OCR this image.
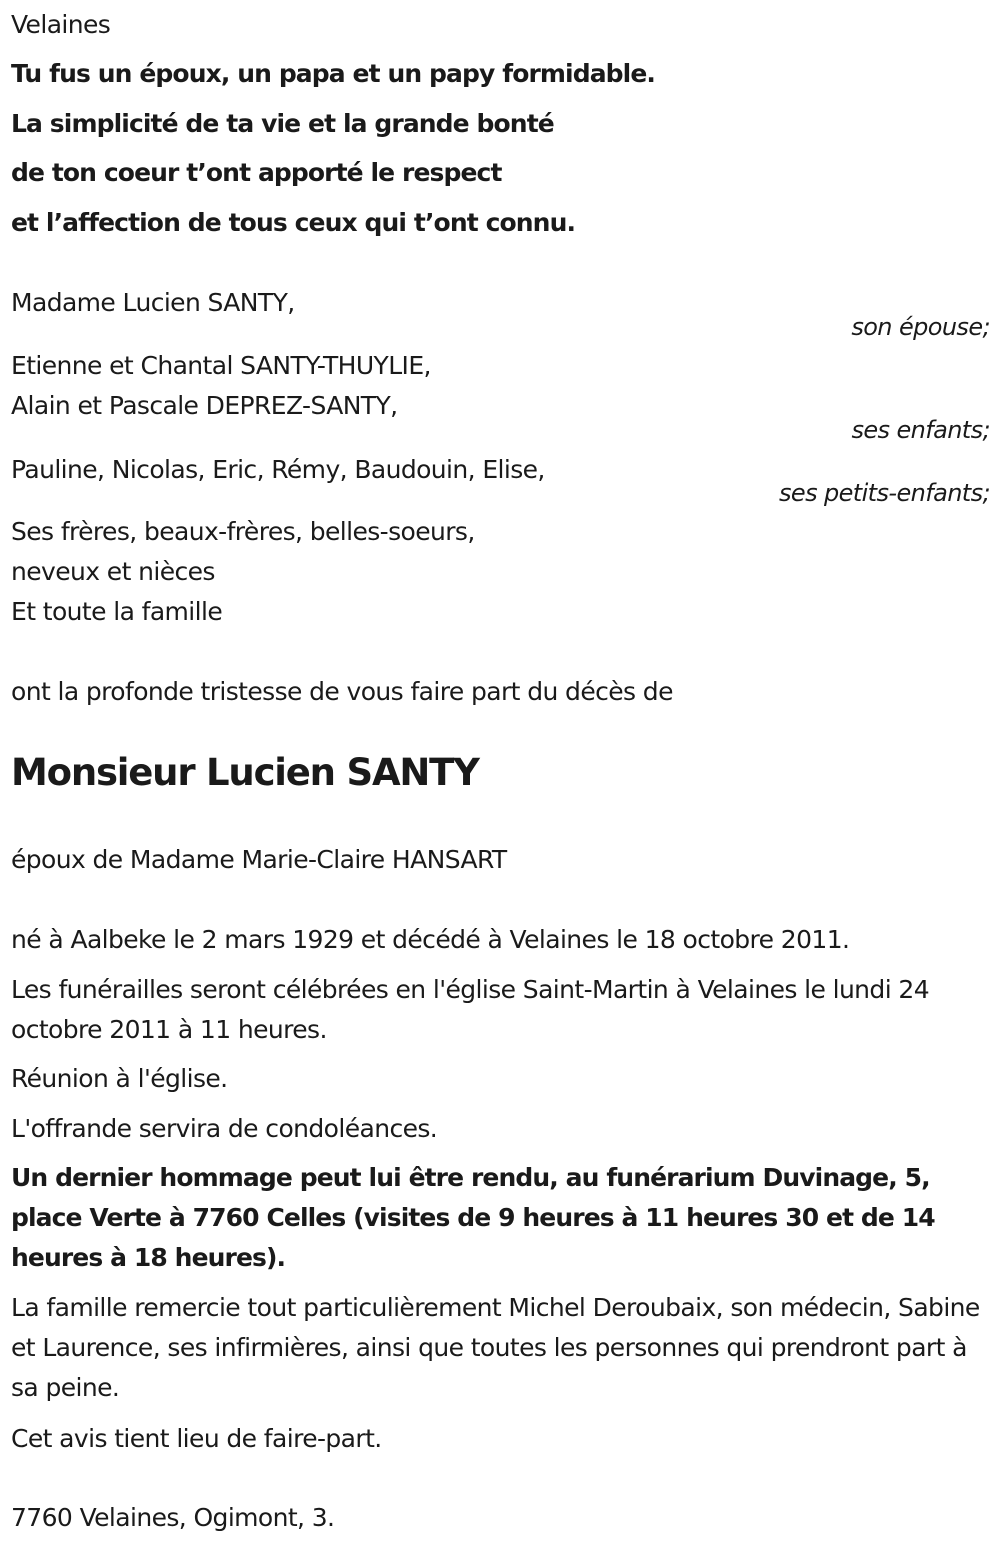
Velaines

Tu fus un époux, un papa et un papy formidable.

La simplicité de ta vie et la grande bonté

de ton coeur t’ont apporté le respect

et l’affection de tous ceux qui t’ont connu.

Madame Lucien SANTY,

son épouse;

Etienne et Chantal SANTY-THUYLIE,

Alain et Pascale DEPREZ-SANTY,

ses enfants;

Pauline, Nicolas, Eric, Rémy, Baudouin, Elise,

ses petits-enfants;

Ses frères, beaux-frères, belles-soeurs,

neveux et nièces

Et toute la famille

ont la profonde tristesse de vous faire part du décès de

Monsieur Lucien SANTY

époux de Madame Marie-Claire HANSART

né à Aalbeke le 2 mars 1929 et décédé à Velaines le 18 octobre 2011.

Les funérailles seront célébrées en l'église Saint-Martin à Velaines le lundi 24 octobre 2011 à 11 heures.

Réunion à l'église.

L'offrande servira de condoléances.

Un dernier hommage peut lui être rendu, au funérarium Duvinage, 5, place Verte à 7760 Celles (visites de 9 heures à 11 heures 30 et de 14 heures à 18 heures).

La famille remercie tout particulièrement Michel Deroubaix, son médecin, Sabine et Laurence, ses infirmières, ainsi que toutes les personnes qui prendront part à sa peine.

Cet avis tient lieu de faire-part.

7760 Velaines, Ogimont, 3.
